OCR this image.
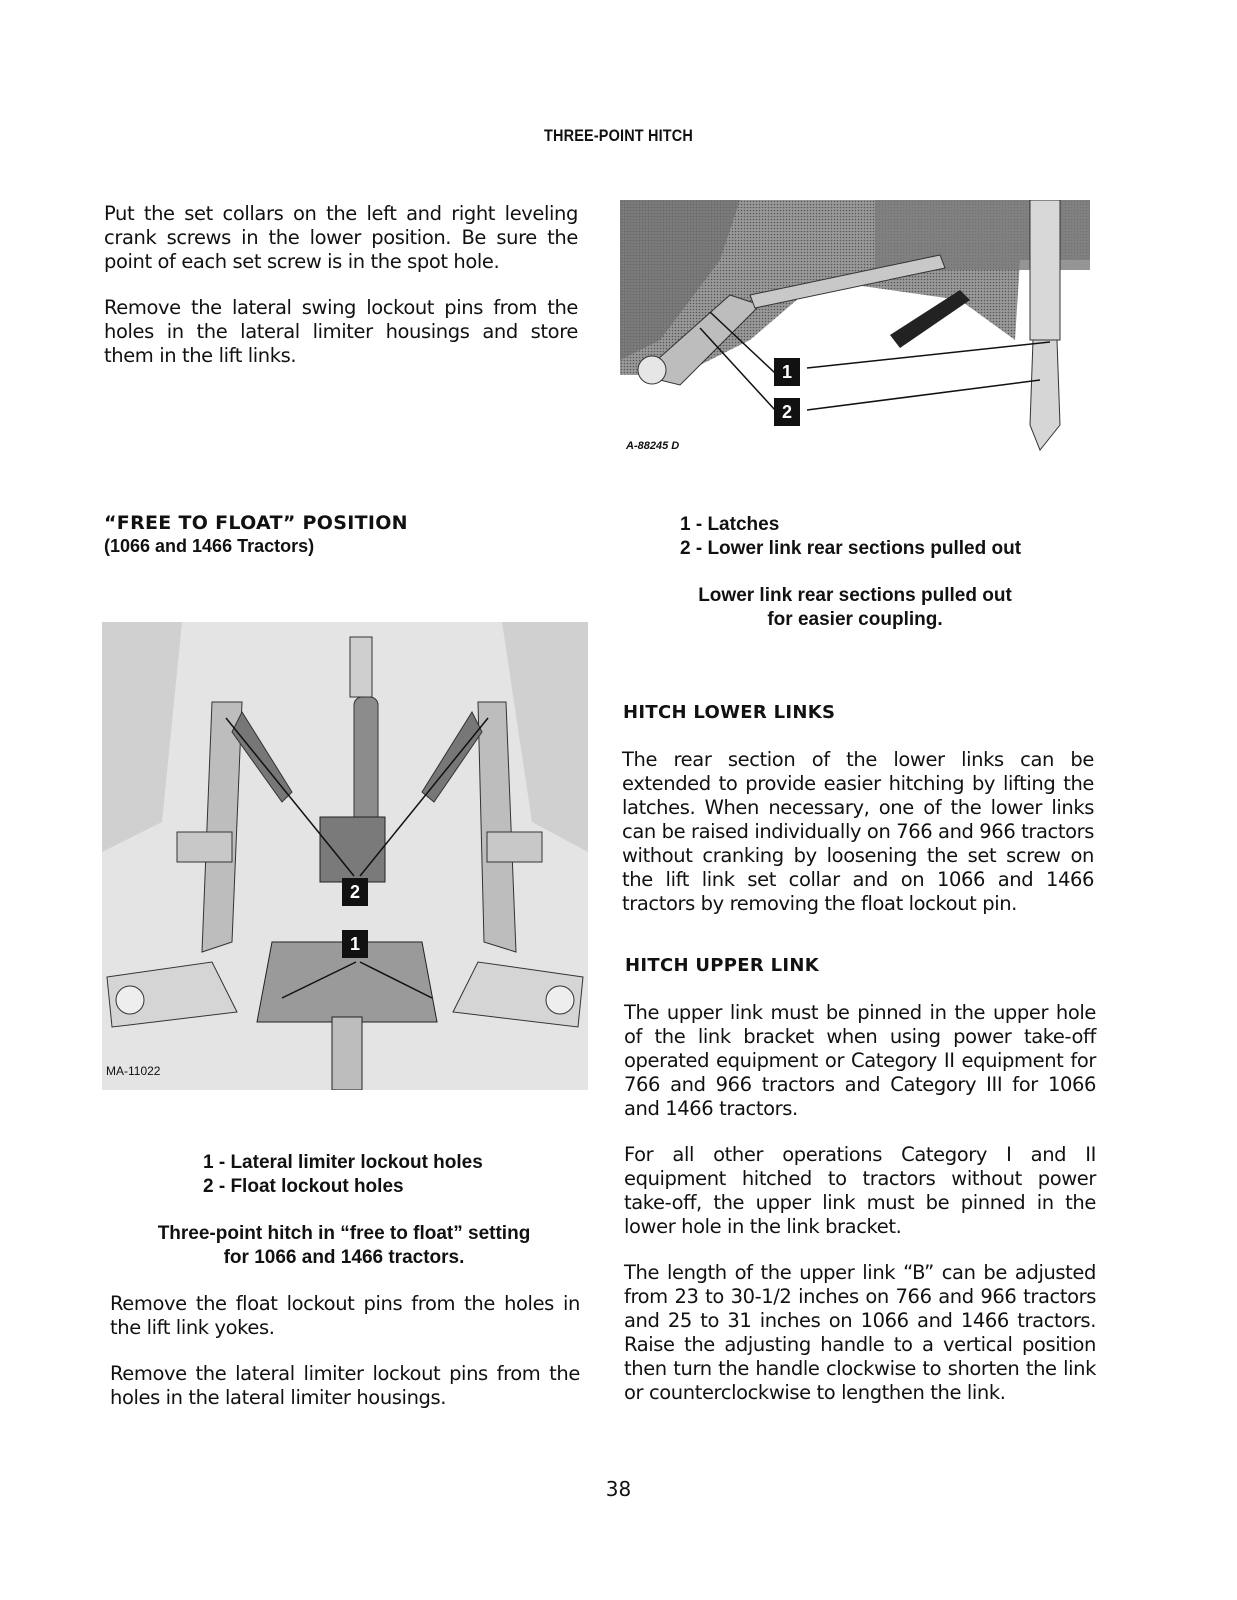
THREE-POINT HITCH

Put the set collars on the left and right leveling crank screws in the lower position. Be sure the point of each set screw is in the spot hole.

Remove the lateral swing lockout pins from the holes in the lateral limiter housings and store them in the lift links.

1
2
A-88245 D
“FREE TO FLOAT” POSITION
(1066 and 1466 Tractors)
1 - Latches
2 - Lower link rear sections pulled out
Lower link rear sections pulled out
for easier coupling.
2
1
MA-11022
1 - Lateral limiter lockout holes
2 - Float lockout holes
Three-point hitch in “free to float” setting
for 1066 and 1466 tractors.

Remove the float lockout pins from the holes in the lift link yokes.

Remove the lateral limiter lockout pins from the holes in the lateral limiter housings.

HITCH LOWER LINKS

The rear section of the lower links can be extended to provide easier hitching by lifting the latches. When necessary, one of the lower links can be raised individually on 766 and 966 tractors without cranking by loosening the set screw on the lift link set collar and on 1066 and 1466 tractors by removing the float lockout pin.

HITCH UPPER LINK

The upper link must be pinned in the upper hole of the link bracket when using power take-off operated equipment or Category II equipment for 766 and 966 tractors and Category III for 1066 and 1466 tractors.

For all other operations Category I and II equipment hitched to tractors without power take-off, the upper link must be pinned in the lower hole in the link bracket.

The length of the upper link “B” can be adjusted from 23 to 30-1/2 inches on 766 and 966 tractors and 25 to 31 inches on 1066 and 1466 tractors. Raise the adjusting handle to a vertical position then turn the handle clockwise to shorten the link or counterclockwise to lengthen the link.

38
